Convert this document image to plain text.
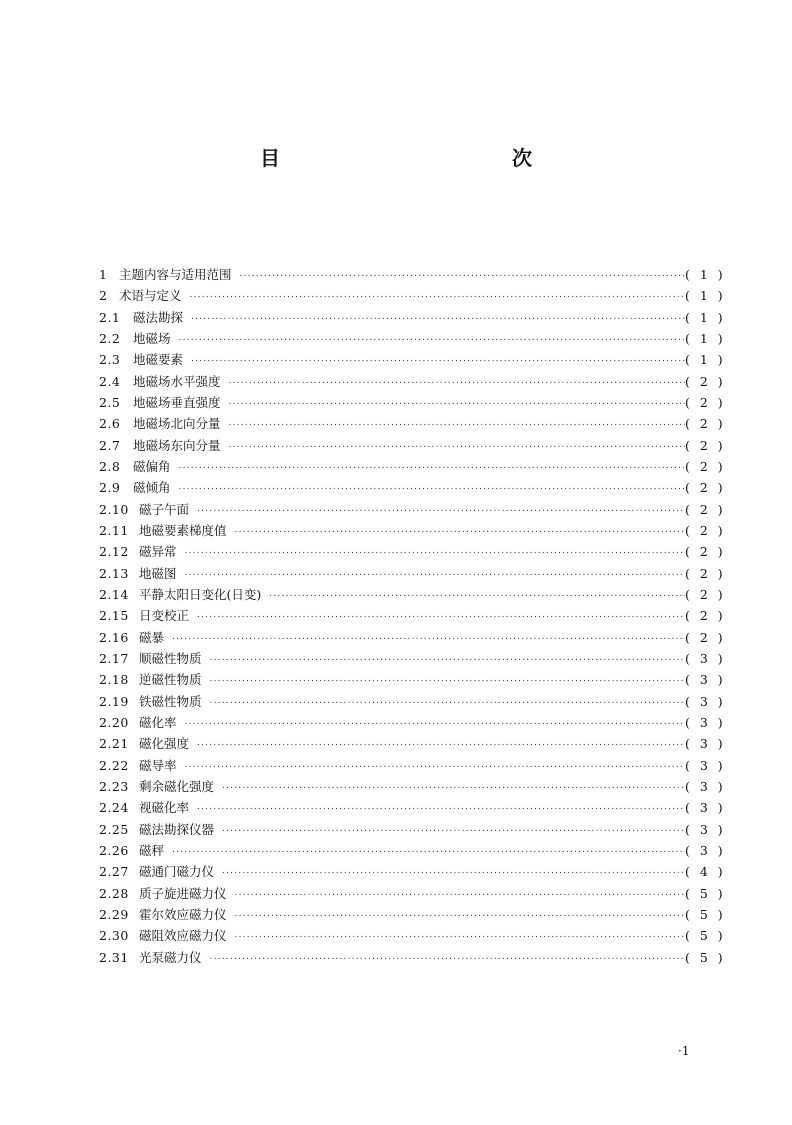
目　　次
1 主题内容与适用范围 .....	( 1 )
2 术语与定义 .....	( 1 )
2.1	磁法勘探 .....	( 1 )
2.2	地磁场 .....	( 1 )
2.3	地磁要素 .....	( 1 )
2.4	地磁场水平强度 .....	( 2 )
2.5	地磁场垂直强度 .....	( 2 )
2.6	地磁场北向分量 .....	( 2 )
2.7	地磁场东向分量 .....	( 2 )
2.8	磁偏角 .....	( 2 )
2.9	磁倾角 .....	( 2 )
2.10 磁子午面 .....	( 2 )
2.11 地磁要素梯度值 .....	( 2 )
2.12 磁异常 .....	( 2 )
2.13 地磁图 .....	( 2 )
2.14 平静太阳日变化(日变) .....	( 2 )
2.15 日变校正 .....	( 2 )
2.16 磁暴 .....	( 2 )
2.17 顺磁性物质 .....	( 3 )
2.18 逆磁性物质 .....	( 3 )
2.19 铁磁性物质 .....	( 3 )
2.20 磁化率 .....	( 3 )
2.21 磁化强度 .....	( 3 )
2.22 磁导率 .....	( 3 )
2.23 剩余磁化强度 .....	( 3 )
2.24 视磁化率 .....	( 3 )
2.25 磁法勘探仪器 .....	( 3 )
2.26 磁秤 .....	( 3 )
2.27 磁通门磁力仪 .....	( 4 )
2.28 质子旋进磁力仪 .....	( 5 )
2.29 霍尔效应磁力仪 .....	( 5 )
2.30 磁阻效应磁力仪 .....	( 5 )
2.31 光泵磁力仪 .....	( 5 )
·1
